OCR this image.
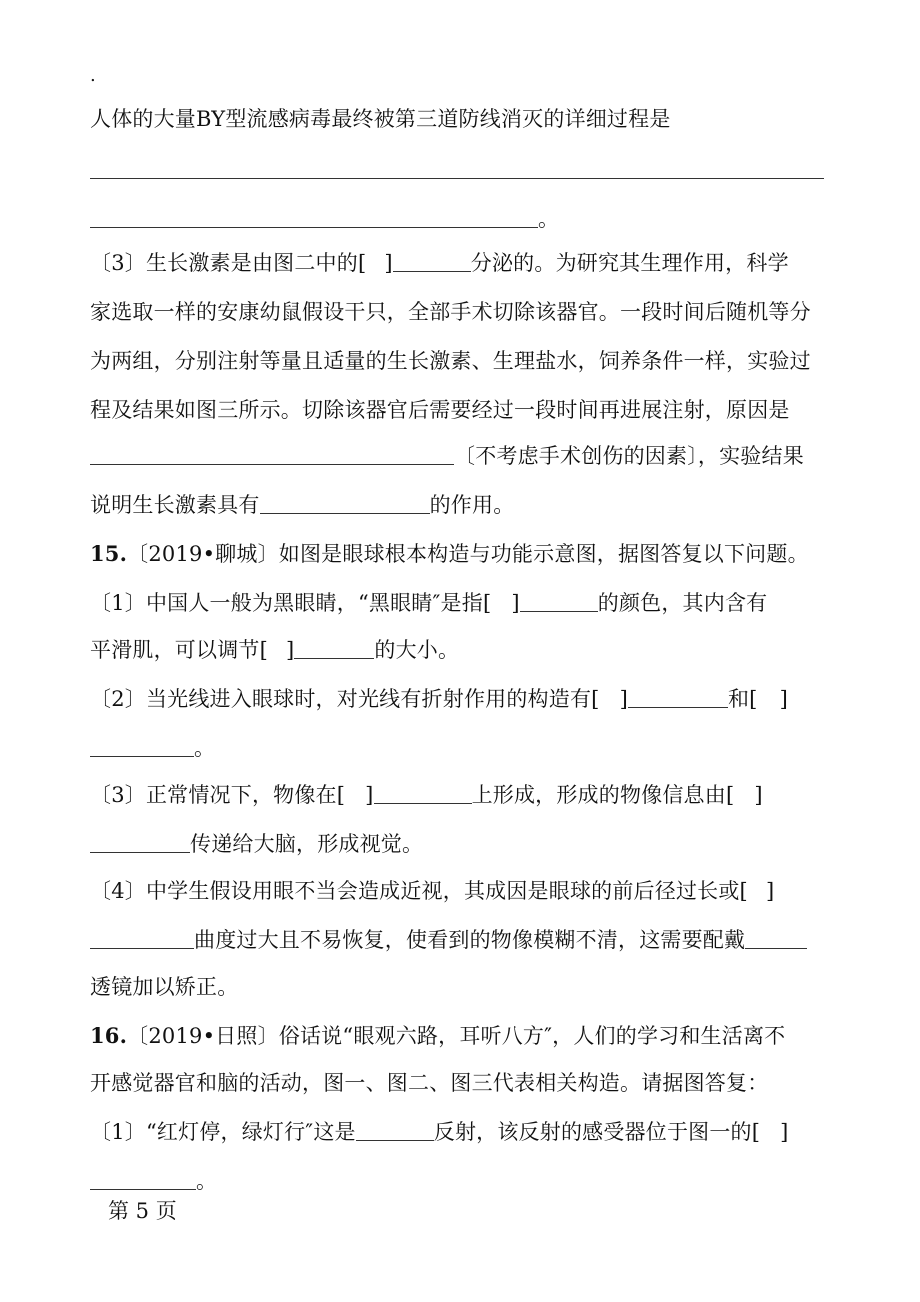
.
人体的大量BY型流感病毒最终被第三道防线消灭的详细过程是
。
〔3〕生长激素是由图二中的[ ]	分泌的。为研究其生理作用，科学
家选取一样的安康幼鼠假设干只，全部手术切除该器官。一段时间后随机等分
为两组，分别注射等量且适量的生长激素、生理盐水，饲养条件一样，实验过
程及结果如图三所示。切除该器官后需要经过一段时间再进展注射，原因是
〔不考虑手术创伤的因素〕，实验结果
说明生长激素具有	的作用。
15.〔2019•聊城〕如图是眼球根本构造与功能示意图，据图答复以下问题。
〔1〕中国人一般为黑眼睛，“黑眼睛″是指[ ]	的颜色，其内含有
平滑肌，可以调节[ ]	的大小。
〔2〕当光线进入眼球时，对光线有折射作用的构造有[ ]	和[ ]
。
〔3〕正常情况下，物像在[ ]	上形成，形成的物像信息由[ ]
传递给大脑，形成视觉。
〔4〕中学生假设用眼不当会造成近视，其成因是眼球的前后径过长或[ ]
曲度过大且不易恢复，使看到的物像模糊不清，这需要配戴
透镜加以矫正。
16.〔2019•日照〕俗话说“眼观六路，耳听八方″，人们的学习和生活离不
开感觉器官和脑的活动，图一、图二、图三代表相关构造。请据图答复：
〔1〕“红灯停，绿灯行″这是	反射，该反射的感受器位于图一的[ ]
。
第 5 页
